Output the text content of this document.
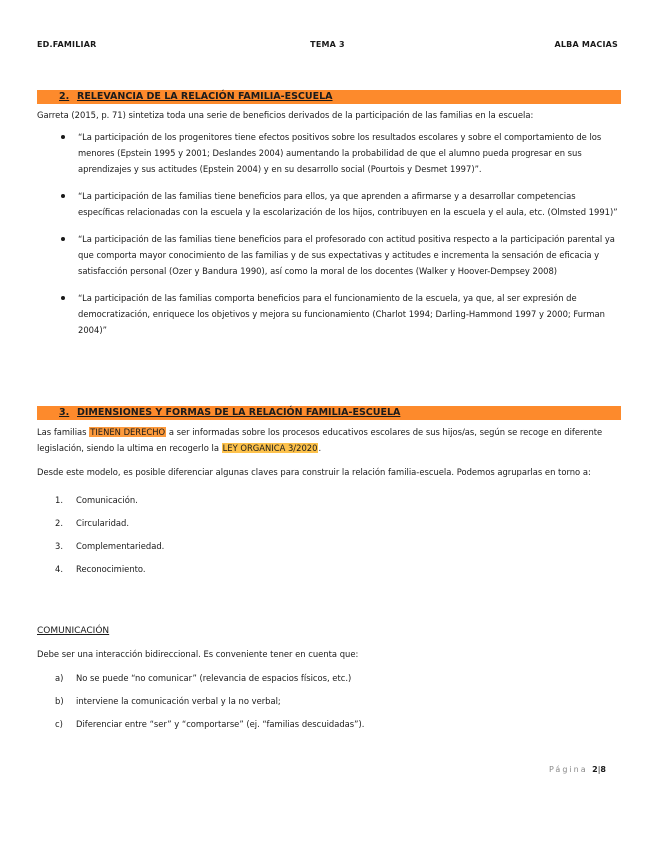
ED.FAMILIAR	TEMA 3	ALBA MACIAS
2. RELEVANCIA DE LA RELACIÓN FAMILIA-ESCUELA

Garreta (2015, p. 71) sintetiza toda una serie de beneficios derivados de la participación de las familias en la escuela:

“La participación de los progenitores tiene efectos positivos sobre los resultados escolares y sobre el comportamiento de los menores (Epstein 1995 y 2001; Deslandes 2004) aumentando la probabilidad de que el alumno pueda progresar en sus aprendizajes y sus actitudes (Epstein 2004) y en su desarrollo social (Pourtois y Desmet 1997)”.
“La participación de las familias tiene beneficios para ellos, ya que aprenden a afirmarse y a desarrollar competencias específicas relacionadas con la escuela y la escolarización de los hijos, contribuyen en la escuela y el aula, etc. (Olmsted 1991)”
“La participación de las familias tiene beneficios para el profesorado con actitud positiva respecto a la participación parental ya que comporta mayor conocimiento de las familias y de sus expectativas y actitudes e incrementa la sensación de eficacia y satisfacción personal (Ozer y Bandura 1990), así como la moral de los docentes (Walker y Hoover-Dempsey 2008)
“La participación de las familias comporta beneficios para el funcionamiento de la escuela, ya que, al ser expresión de democratización, enriquece los objetivos y mejora su funcionamiento (Charlot 1994; Darling-Hammond 1997 y 2000; Furman 2004)”
3. DIMENSIONES Y FORMAS DE LA RELACIÓN FAMILIA-ESCUELA

Las familias TIENEN DERECHO a ser informadas sobre los procesos educativos escolares de sus hijos/as, según se recoge en diferente legislación, siendo la ultima en recogerlo la LEY ORGANICA 3/2020.

Desde este modelo, es posible diferenciar algunas claves para construir la relación familia-escuela. Podemos agruparlas en torno a:

1. Comunicación.
2. Circularidad.
3. Complementariedad.
4. Reconocimiento.
COMUNICACIÓN

Debe ser una interacción bidireccional. Es conveniente tener en cuenta que:

a) No se puede “no comunicar” (relevancia de espacios físicos, etc.)
b) interviene la comunicación verbal y la no verbal;
c) Diferenciar entre “ser” y “comportarse” (ej. “familias descuidadas”).
Página 2|8
